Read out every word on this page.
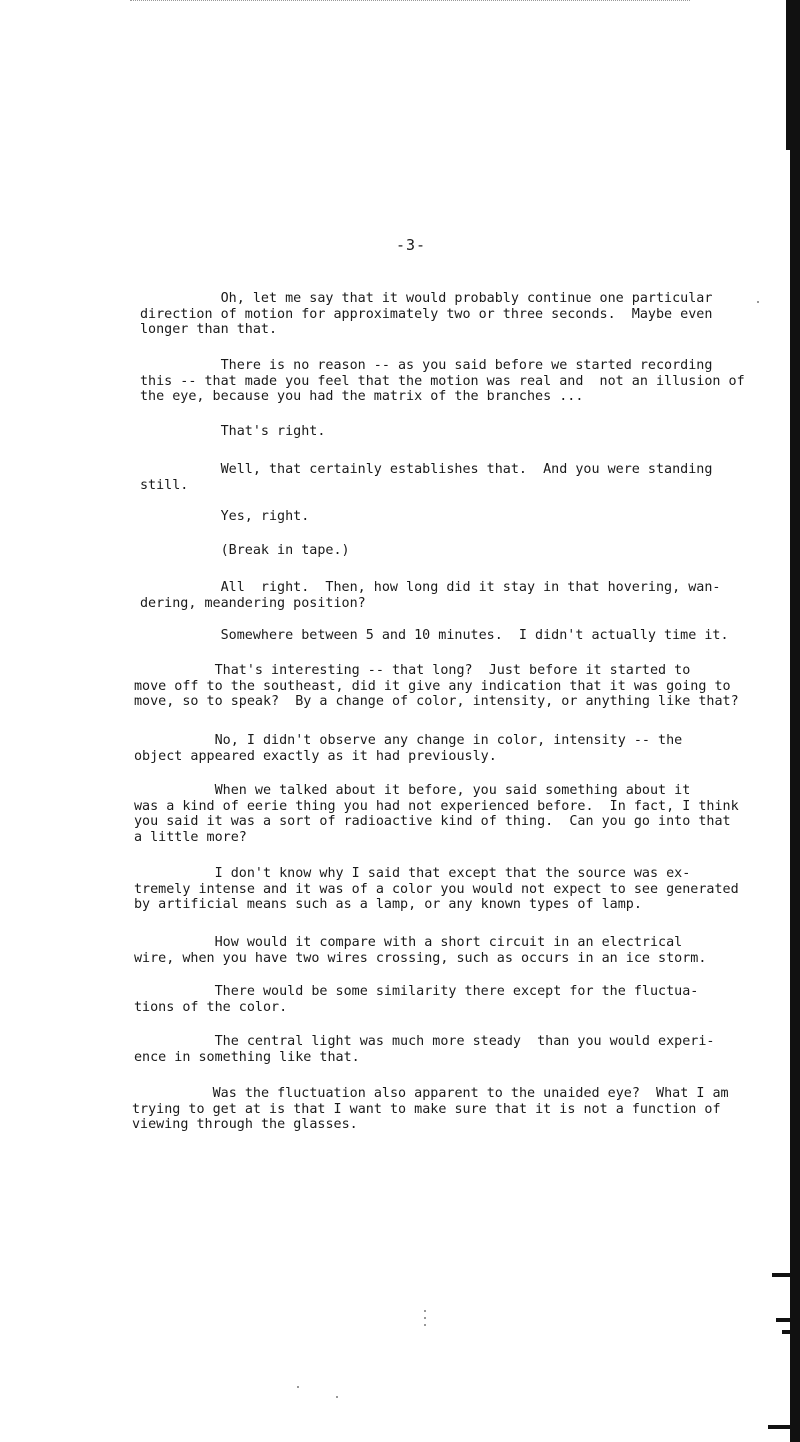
-3-

Oh, let me say that it would probably continue one particular
direction of motion for approximately two or three seconds.  Maybe even
longer than that.

There is no reason -- as you said before we started recording
this -- that made you feel that the motion was real and  not an illusion of
the eye, because you had the matrix of the branches ...

That's right.

Well, that certainly establishes that.  And you were standing
still.

Yes, right.

(Break in tape.)

All  right.  Then, how long did it stay in that hovering, wan-
dering, meandering position?

Somewhere between 5 and 10 minutes.  I didn't actually time it.

That's interesting -- that long?  Just before it started to
move off to the southeast, did it give any indication that it was going to
move, so to speak?  By a change of color, intensity, or anything like that?

No, I didn't observe any change in color, intensity -- the
object appeared exactly as it had previously.

When we talked about it before, you said something about it
was a kind of eerie thing you had not experienced before.  In fact, I think
you said it was a sort of radioactive kind of thing.  Can you go into that
a little more?

I don't know why I said that except that the source was ex-
tremely intense and it was of a color you would not expect to see generated
by artificial means such as a lamp, or any known types of lamp.

How would it compare with a short circuit in an electrical
wire, when you have two wires crossing, such as occurs in an ice storm.

There would be some similarity there except for the fluctua-
tions of the color.

The central light was much more steady  than you would experi-
ence in something like that.

Was the fluctuation also apparent to the unaided eye?  What I am
trying to get at is that I want to make sure that it is not a function of
viewing through the glasses.
